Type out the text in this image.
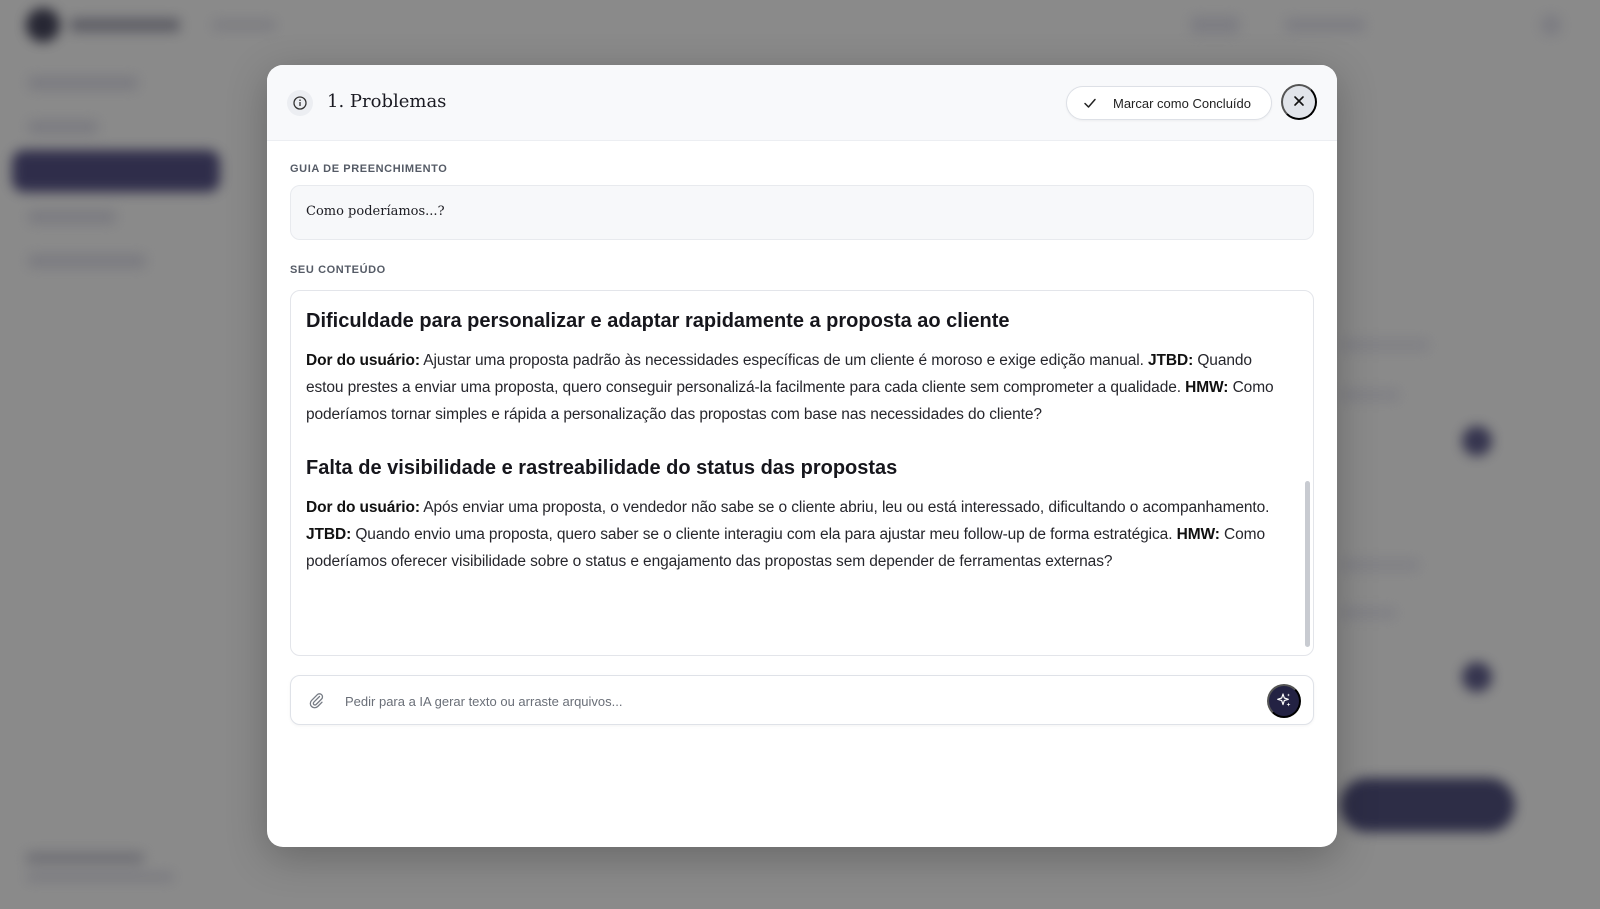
1. Problemas	Marcar como Concluído
GUIA DE PREENCHIMENTO
Como poderíamos...?
SEU CONTEÚDO
Dificuldade para personalizar e adaptar rapidamente a proposta ao cliente

Dor do usuário: Ajustar uma proposta padrão às necessidades específicas de um cliente é moroso e exige edição manual. JTBD: Quando estou prestes a enviar uma proposta, quero conseguir personalizá-la facilmente para cada cliente sem comprometer a qualidade. HMW: Como poderíamos tornar simples e rápida a personalização das propostas com base nas necessidades do cliente?

Falta de visibilidade e rastreabilidade do status das propostas

Dor do usuário: Após enviar uma proposta, o vendedor não sabe se o cliente abriu, leu ou está interessado, dificultando o acompanhamento. JTBD: Quando envio uma proposta, quero saber se o cliente interagiu com ela para ajustar meu follow-up de forma estratégica. HMW: Como poderíamos oferecer visibilidade sobre o status e engajamento das propostas sem depender de ferramentas externas?

Pedir para a IA gerar texto ou arraste arquivos...
